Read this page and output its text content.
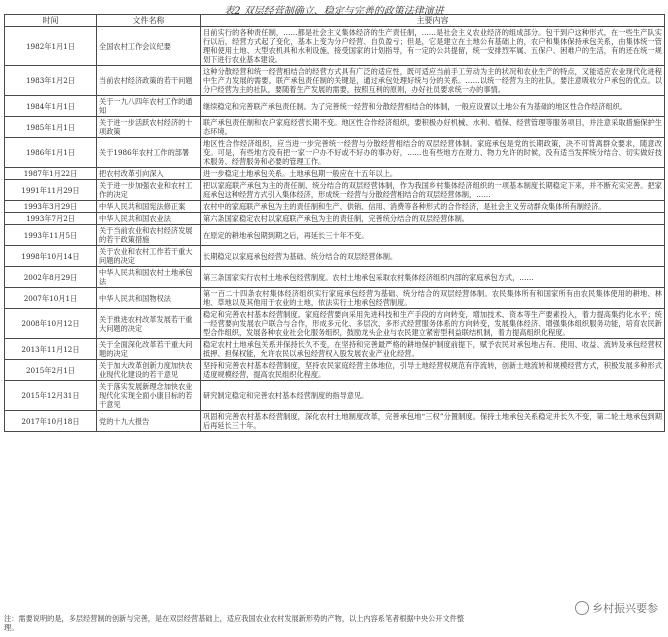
表2 双层经营制确立、稳定与完善的政策法律演进
时间	文件名称	主要内容
1982年1月1日	全国农村工作会议纪要	目前实行的各种责任制，……都是社会主义集体经济的生产责任制，……是社会主义农业经济的组成部分。包干到户这种形式，在一些生产队实行以后，经营方式起了变化，基本上变为分户经营、自负盈亏；但是，它是建立在土地公有基础上的，农户和集体保持承包关系，由集体统一管理和使用土地、大型农机具和水利设施，接受国家的计划指导，有一定的公共提留，统一安排烈军属、五保户、困难户的生活，有的还在统一规划下进行农业基本建设。
1983年1月2日	当前农村经济政策的若干问题	这种分散经营和统一经营相结合的经营方式具有广泛的适应性，既可适应当前手工劳动为主的状况和农业生产的特点，又能适应农业现代化进程中生产力发展的需要。联产承包责任制的关键是，通过承包处理好统与分的关系。……以统一经营为主的社队，要注意吸收分户承包的优点。以分户经营为主的社队，要随着生产发展的需要，按照互利的原则，办好社员要求统一办的事情。
1984年1月1日	关于一九八四年农村工作的通知	继续稳定和完善联产承包责任制。为了完善统一经营和分散经营相结合的体制，一般应设置以土地公有为基础的地区性合作经济组织。
1985年1月1日	关于进一步活跃农村经济的十项政策	联产承包责任制和农户家庭经营长期不变。地区性合作经济组织，要积极办好机械、水利、植保、经营管理等服务项目，并注意采取措施保护生态环境。
1986年1月1日	关于1986年农村工作的部署	地区性合作经济组织，应当进一步完善统一经营与分散经营相结合的双层经营体制。家庭承包是党的长期政策，决不可背离群众要求，随意改变。可是，有些地方没有把一家一户办不好或不好办的事办好，……也有些地方在财力、物力允许的时候，没有适当发挥统分结合、切实做好技术服务、经营服务和必要的管理工作。
1987年1月22日	把农村改革引向深入	进一步稳定土地承包关系。土地承包期一般应在十五年以上。
1991年11月29日	关于进一步加强农业和农村工作的决定	把以家庭联产承包为主的责任制、统分结合的双层经营体制，作为我国乡村集体经济组织的一项基本制度长期稳定下来，并不断充实完善。把家庭承包这种经营方式引入集体经济，形成统一经营与分散经营相结合的双层经营体制，……
1993年3月29日	中华人民共和国宪法修正案	农村中的家庭联产承包为主的责任制和生产、供销、信用、消费等各种形式的合作经济，是社会主义劳动群众集体所有制经济。
1993年7月2日	中华人民共和国农业法	第六条国家稳定农村以家庭联产承包为主的责任制，完善统分结合的双层经营体制。
1993年11月5日	关于当前农业和农村经济发展的若干政策措施	在原定的耕地承包期到期之后，再延长三十年不变。
1998年10月14日	关于农业和农村工作若干重大问题的决定	长期稳定以家庭承包经营为基础、统分结合的双层经营体制。
2002年8月29日	中华人民共和国农村土地承包法	第三条国家实行农村土地承包经营制度。农村土地承包采取农村集体经济组织内部的家庭承包方式，……
2007年10月1日	中华人民共和国物权法	第一百二十四条农村集体经济组织实行家庭承包经营为基础、统分结合的双层经营体制。农民集体所有和国家所有由农民集体使用的耕地、林地、草地以及其他用于农业的土地，依法实行土地承包经营制度。
2008年10月12日	关于推进农村改革发展若干重大问题的决定	稳定和完善农村基本经营制度。家庭经营要向采用先进科技和生产手段的方向转变，增加技术、资本等生产要素投入，着力提高集约化水平；统一经营要向发展农户联合与合作，形成多元化、多层次、多形式经营服务体系的方向转变，发展集体经济、增强集体组织服务功能，培育农民新型合作组织，发展各种农业社会化服务组织，鼓励龙头企业与农民建立紧密型利益联结机制，着力提高组织化程度。
2013年11月12日	关于全面深化改革若干重大问题的决定	稳定农村土地承包关系并保持长久不变，在坚持和完善最严格的耕地保护制度前提下，赋予农民对承包地占有、使用、收益、流转及承包经营权抵押、担保权能，允许农民以承包经营权入股发展农业产业化经营。
2015年2月1日	关于加大改革创新力度加快农业现代化建设的若干意见	坚持和完善农村基本经营制度，坚持农民家庭经营主体地位，引导土地经营权规范有序流转，创新土地流转和规模经营方式，积极发展多种形式适度规模经营，提高农民组织化程度。
2015年12月31日	关于落实发展新理念加快农业现代化实现全面小康目标的若干意见	研究制定稳定和完善农村基本经营制度的指导意见。
2017年10月18日	党的十九大报告	巩固和完善农村基本经营制度，深化农村土地制度改革，完善承包地“三权”分置制度。保持土地承包关系稳定并长久不变，第二轮土地承包到期后再延长三十年。
注：需要说明的是，多层经营制的创新与完善，是在双层经营基础上，适应我国农业农村发展新形势的产物，以上内容系笔者根据中央公开文件整理。
乡村振兴要参
